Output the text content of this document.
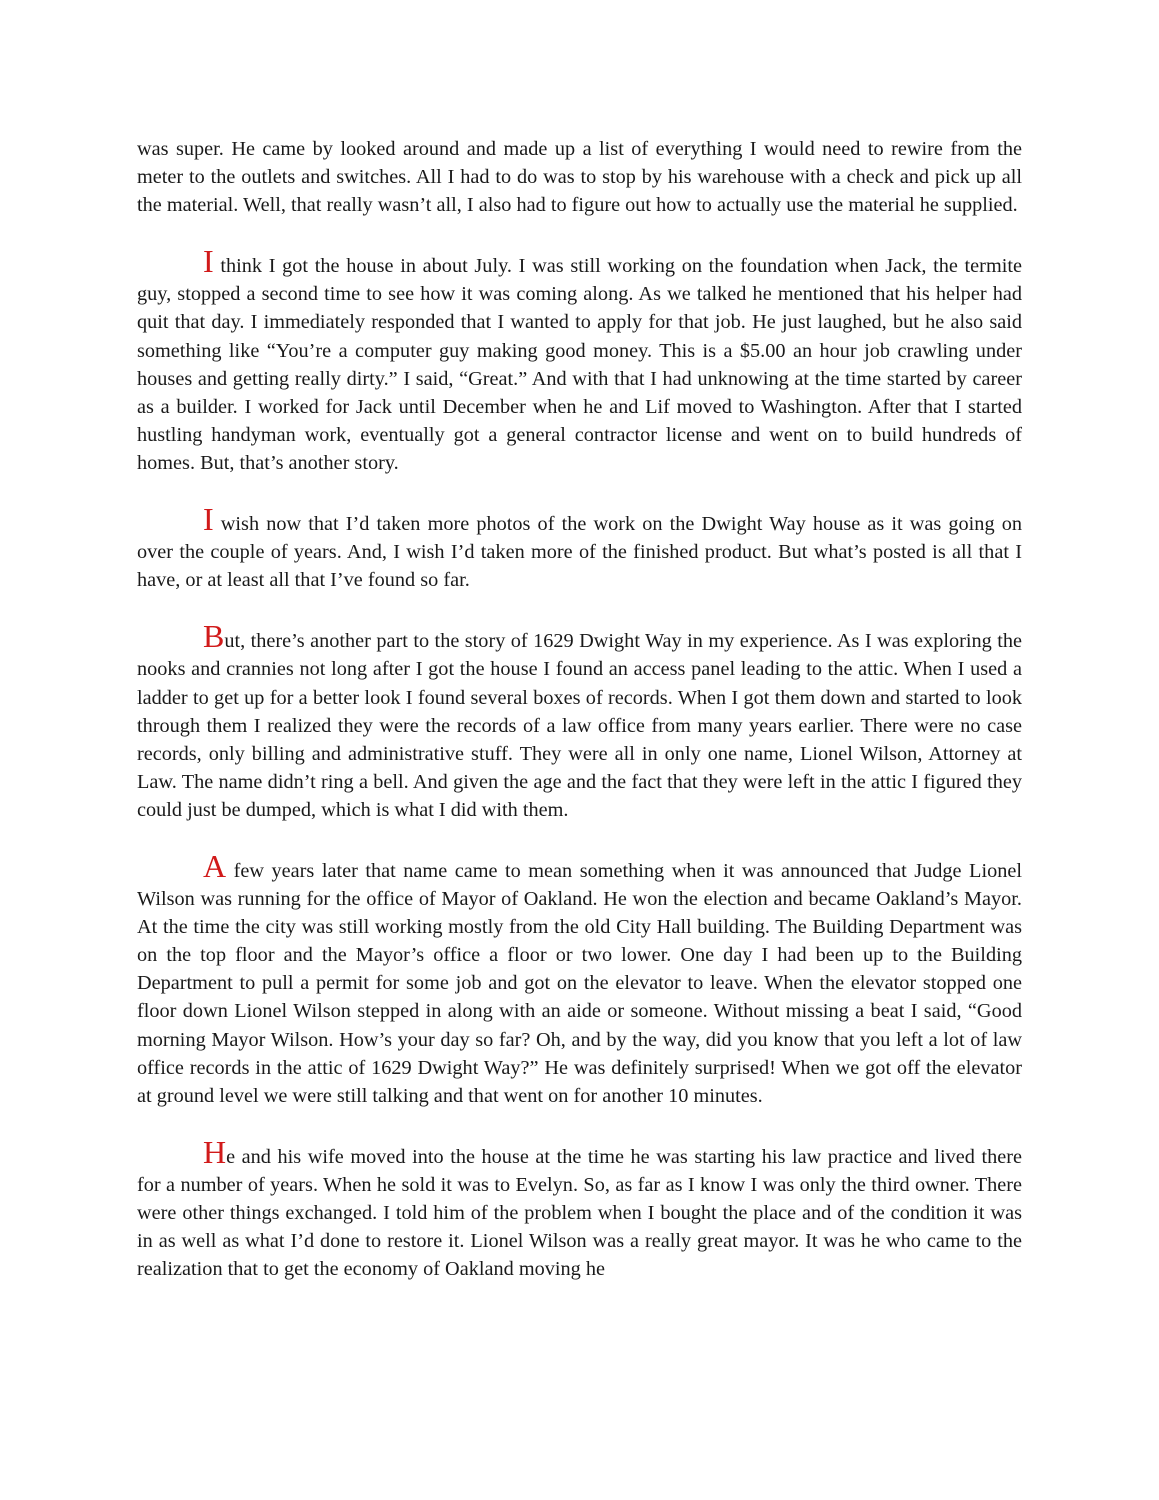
was super. He came by looked around and made up a list of everything I would need to rewire from the meter to the outlets and switches. All I had to do was to stop by his warehouse with a check and pick up all the material. Well, that really wasn’t all, I also had to figure out how to actually use the material he supplied.

I think I got the house in about July. I was still working on the foundation when Jack, the termite guy, stopped a second time to see how it was coming along. As we talked he mentioned that his helper had quit that day. I immediately responded that I wanted to apply for that job. He just laughed, but he also said something like “You’re a computer guy making good money. This is a $5.00 an hour job crawling under houses and getting really dirty.” I said, “Great.” And with that I had unknowing at the time started by career as a builder. I worked for Jack until December when he and Lif moved to Washington. After that I started hustling handyman work, eventually got a general contractor license and went on to build hundreds of homes. But, that’s another story.

I wish now that I’d taken more photos of the work on the Dwight Way house as it was going on over the couple of years. And, I wish I’d taken more of the finished product. But what’s posted is all that I have, or at least all that I’ve found so far.

But, there’s another part to the story of 1629 Dwight Way in my experience. As I was exploring the nooks and crannies not long after I got the house I found an access panel leading to the attic. When I used a ladder to get up for a better look I found several boxes of records. When I got them down and started to look through them I realized they were the records of a law office from many years earlier. There were no case records, only billing and administrative stuff. They were all in only one name, Lionel Wilson, Attorney at Law. The name didn’t ring a bell. And given the age and the fact that they were left in the attic I figured they could just be dumped, which is what I did with them.

A few years later that name came to mean something when it was announced that Judge Lionel Wilson was running for the office of Mayor of Oakland. He won the election and became Oakland’s Mayor. At the time the city was still working mostly from the old City Hall building. The Building Department was on the top floor and the Mayor’s office a floor or two lower. One day I had been up to the Building Department to pull a permit for some job and got on the elevator to leave. When the elevator stopped one floor down Lionel Wilson stepped in along with an aide or someone. Without missing a beat I said, “Good morning Mayor Wilson. How’s your day so far? Oh, and by the way, did you know that you left a lot of law office records in the attic of 1629 Dwight Way?” He was definitely surprised! When we got off the elevator at ground level we were still talking and that went on for another 10 minutes.

He and his wife moved into the house at the time he was starting his law practice and lived there for a number of years. When he sold it was to Evelyn. So, as far as I know I was only the third owner. There were other things exchanged. I told him of the problem when I bought the place and of the condition it was in as well as what I’d done to restore it. Lionel Wilson was a really great mayor. It was he who came to the realization that to get the economy of Oakland moving he
